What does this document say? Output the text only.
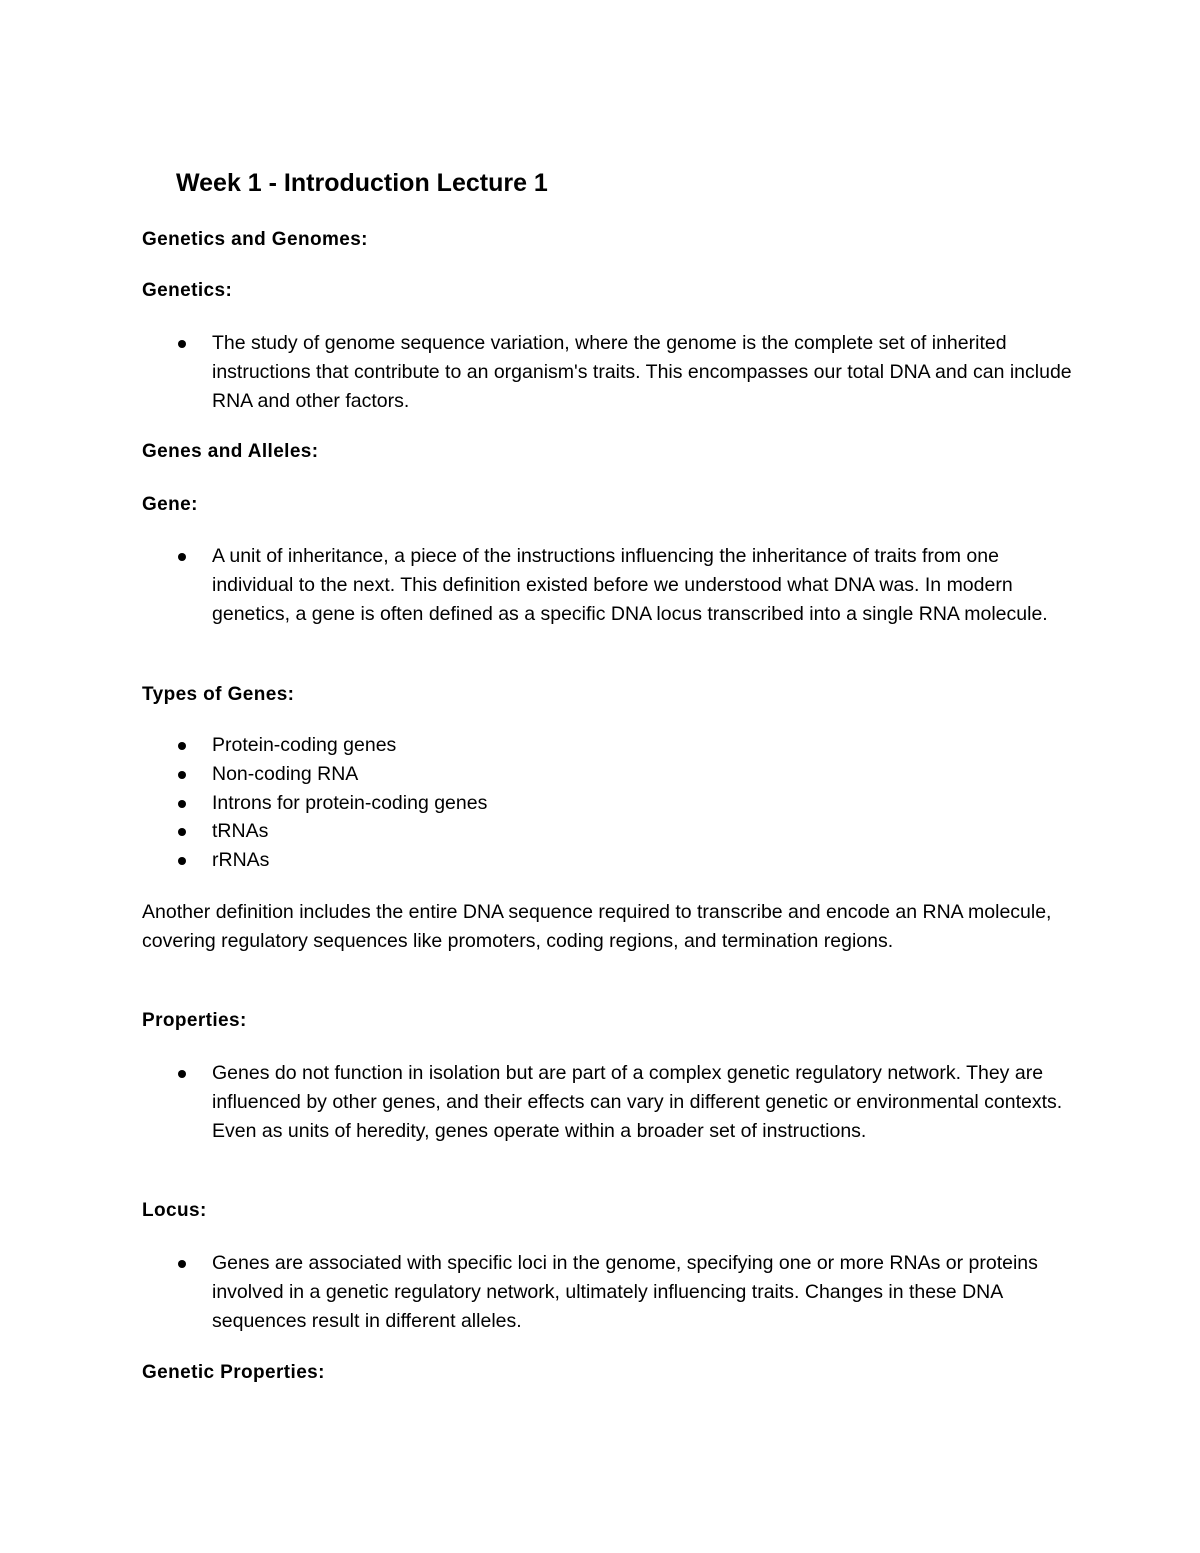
Week 1 - Introduction Lecture 1
Genetics and Genomes:
Genetics:
The study of genome sequence variation, where the genome is the complete set of inherited instructions that contribute to an organism's traits. This encompasses our total DNA and can include RNA and other factors.
Genes and Alleles:
Gene:
A unit of inheritance, a piece of the instructions influencing the inheritance of traits from one individual to the next. This definition existed before we understood what DNA was. In modern genetics, a gene is often defined as a specific DNA locus transcribed into a single RNA molecule.
Types of Genes:
Protein-coding genes
Non-coding RNA
Introns for protein-coding genes
tRNAs
rRNAs

Another definition includes the entire DNA sequence required to transcribe and encode an RNA molecule, covering regulatory sequences like promoters, coding regions, and termination regions.

Properties:
Genes do not function in isolation but are part of a complex genetic regulatory network. They are influenced by other genes, and their effects can vary in different genetic or environmental contexts. Even as units of heredity, genes operate within a broader set of instructions.
Locus:
Genes are associated with specific loci in the genome, specifying one or more RNAs or proteins involved in a genetic regulatory network, ultimately influencing traits. Changes in these DNA sequences result in different alleles.
Genetic Properties:
